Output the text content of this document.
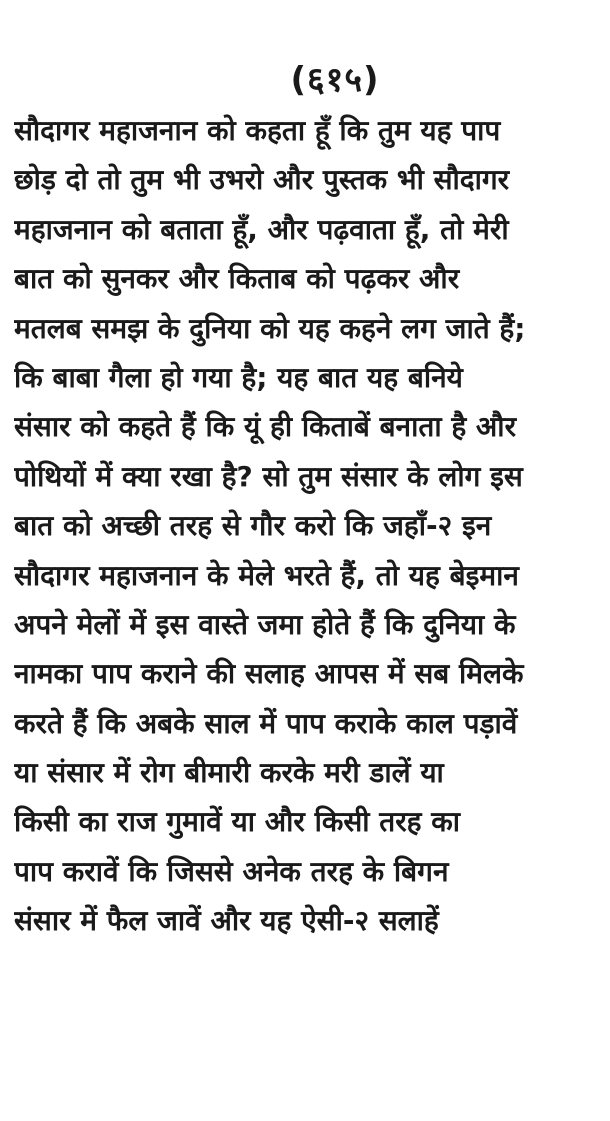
(६१५)
सौदागर महाजनान को कहता हूँ कि तुम यह पाप
छोड़ दो तो तुम भी उभरो और पुस्तक भी सौदागर
महाजनान को बताता हूँ, और पढ़वाता हूँ, तो मेरी
बात को सुनकर और किताब को पढ़कर और
मतलब समझ के दुनिया को यह कहने लग जाते हैं;
कि बाबा गैला हो गया है; यह बात यह बनिये
संसार को कहते हैं कि यूं ही किताबें बनाता है और
पोथियों में क्या रखा है? सो तुम संसार के लोग इस
बात को अच्छी तरह से गौर करो कि जहाँ-२ इन
सौदागर महाजनान के मेले भरते हैं, तो यह बेइमान
अपने मेलों में इस वास्ते जमा होते हैं कि दुनिया के
नामका पाप कराने की सलाह आपस में सब मिलके
करते हैं कि अबके साल में पाप कराके काल पड़ावें
या संसार में रोग बीमारी करके मरी डालें या
किसी का राज गुमावें या और किसी तरह का
पाप करावें कि जिससे अनेक तरह के बिगन
संसार में फैल जावें और यह ऐसी-२ सलाहें
